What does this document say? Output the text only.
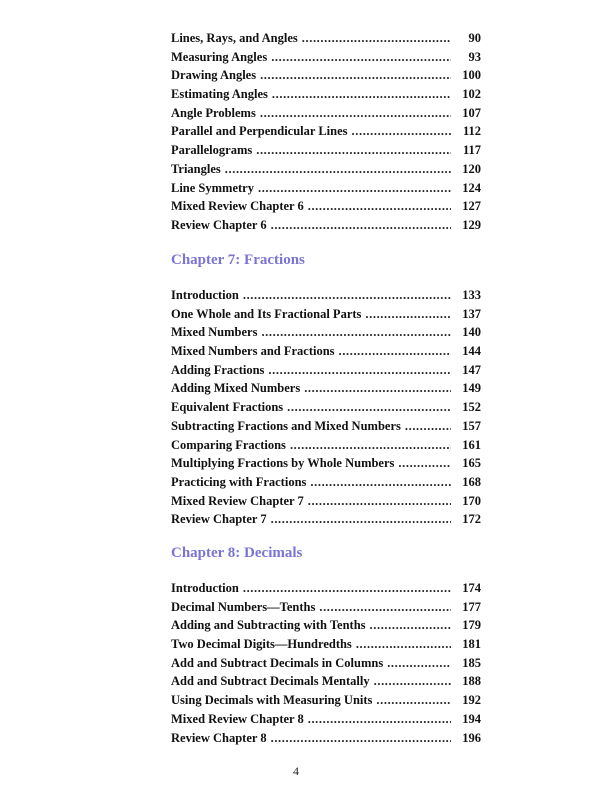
Lines, Rays, and Angles .....	90
Measuring Angles .....	93
Drawing Angles .....	100
Estimating Angles .....	102
Angle Problems .....	107
Parallel and Perpendicular Lines .....	112
Parallelograms .....	117
Triangles .....	120
Line Symmetry .....	124
Mixed Review Chapter 6 .....	127
Review Chapter 6 .....	129
Chapter 7: Fractions
Introduction .....	133
One Whole and Its Fractional Parts .....	137
Mixed Numbers .....	140
Mixed Numbers and Fractions .....	144
Adding Fractions .....	147
Adding Mixed Numbers .....	149
Equivalent Fractions .....	152
Subtracting Fractions and Mixed Numbers .....	157
Comparing Fractions .....	161
Multiplying Fractions by Whole Numbers .....	165
Practicing with Fractions .....	168
Mixed Review Chapter 7 .....	170
Review Chapter 7 .....	172
Chapter 8: Decimals
Introduction .....	174
Decimal Numbers—Tenths .....	177
Adding and Subtracting with Tenths .....	179
Two Decimal Digits—Hundredths .....	181
Add and Subtract Decimals in Columns .....	185
Add and Subtract Decimals Mentally .....	188
Using Decimals with Measuring Units .....	192
Mixed Review Chapter 8 .....	194
Review Chapter 8 .....	196
4
